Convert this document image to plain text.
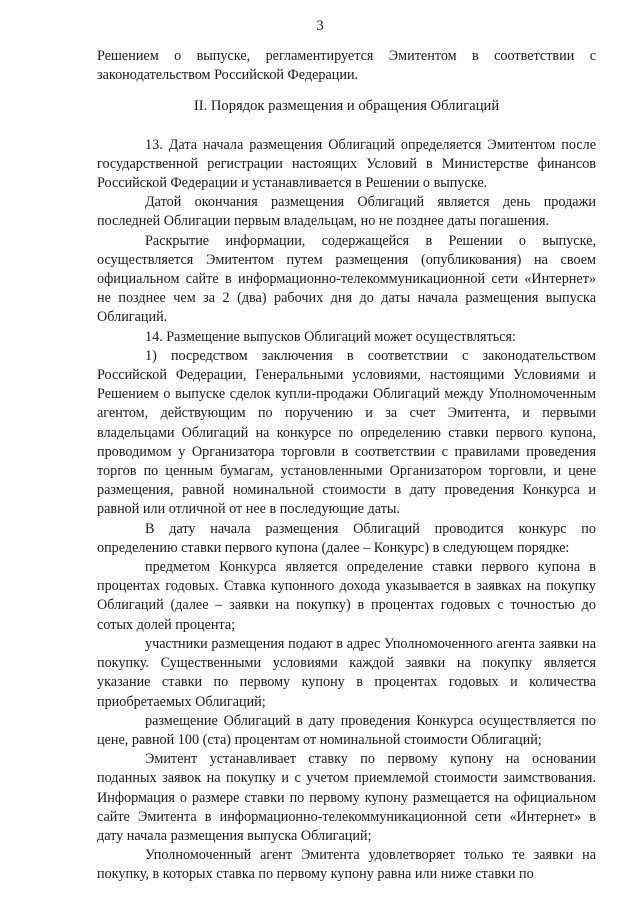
3

Решением о выпуске, регламентируется Эмитентом в соответствии с законодательством Российской Федерации.

II. Порядок размещения и обращения Облигаций

13. Дата начала размещения Облигаций определяется Эмитентом после государственной регистрации настоящих Условий в Министерстве финансов Российской Федерации и устанавливается в Решении о выпуске.

Датой окончания размещения Облигаций является день продажи последней Облигации первым владельцам, но не позднее даты погашения.

Раскрытие информации, содержащейся в Решении о выпуске, осуществляется Эмитентом путем размещения (опубликования) на своем официальном сайте в информационно-телекоммуникационной сети «Интернет» не позднее чем за 2 (два) рабочих дня до даты начала размещения выпуска Облигаций.

14. Размещение выпусков Облигаций может осуществляться:

1) посредством заключения в соответствии с законодательством Российской Федерации, Генеральными условиями, настоящими Условиями и Решением о выпуске сделок купли-продажи Облигаций между Уполномоченным агентом, действующим по поручению и за счет Эмитента, и первыми владельцами Облигаций на конкурсе по определению ставки первого купона, проводимом у Организатора торговли в соответствии с правилами проведения торгов по ценным бумагам, установленными Организатором торговли, и цене размещения, равной номинальной стоимости в дату проведения Конкурса и равной или отличной от нее в последующие даты.

В дату начала размещения Облигаций проводится конкурс по определению ставки первого купона (далее – Конкурс) в следующем порядке:

предметом Конкурса является определение ставки первого купона в процентах годовых. Ставка купонного дохода указывается в заявках на покупку Облигаций (далее – заявки на покупку) в процентах годовых с точностью до сотых долей процента;

участники размещения подают в адрес Уполномоченного агента заявки на покупку. Существенными условиями каждой заявки на покупку является указание ставки по первому купону в процентах годовых и количества приобретаемых Облигаций;

размещение Облигаций в дату проведения Конкурса осуществляется по цене, равной 100 (ста) процентам от номинальной стоимости Облигаций;

Эмитент устанавливает ставку по первому купону на основании поданных заявок на покупку и с учетом приемлемой стоимости заимствования. Информация о размере ставки по первому купону размещается на официальном сайте Эмитента в информационно-телекоммуникационной сети «Интернет» в дату начала размещения выпуска Облигаций;

Уполномоченный агент Эмитента удовлетворяет только те заявки на покупку, в которых ставка по первому купону равна или ниже ставки по
